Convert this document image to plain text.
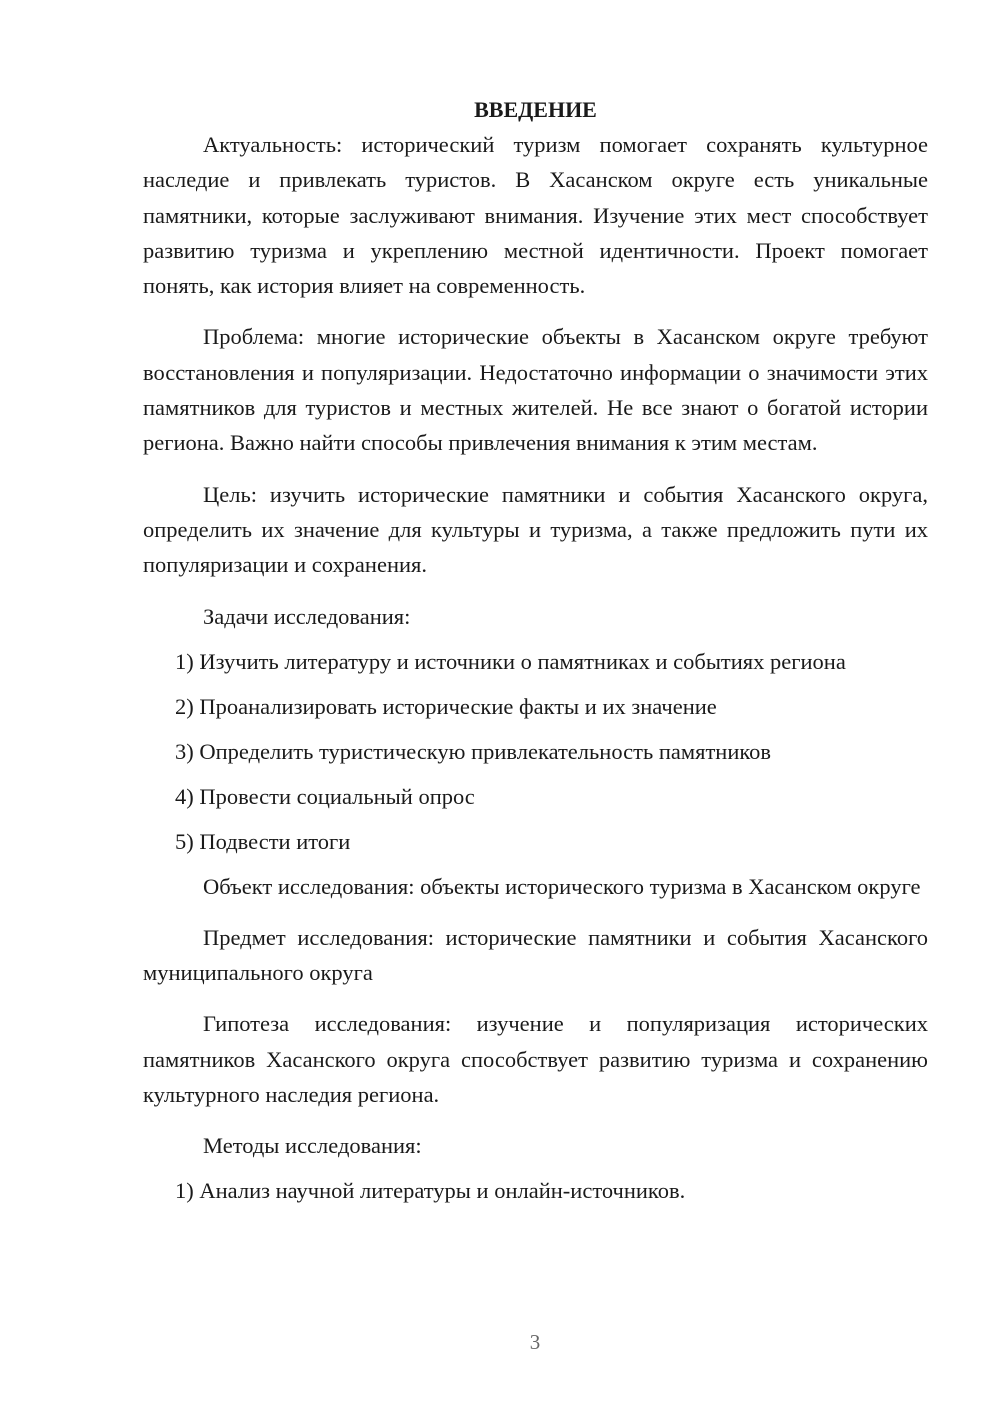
ВВЕДЕНИЕ

Актуальность: исторический туризм помогает сохранять культурное наследие и привлекать туристов. В Хасанском округе есть уникальные памятники, которые заслуживают внимания. Изучение этих мест способствует развитию туризма и укреплению местной идентичности. Проект помогает понять, как история влияет на современность.

Проблема: многие исторические объекты в Хасанском округе требуют восстановления и популяризации. Недостаточно информации о значимости этих памятников для туристов и местных жителей. Не все знают о богатой истории региона. Важно найти способы привлечения внимания к этим местам.

Цель: изучить исторические памятники и события Хасанского округа, определить их значение для культуры и туризма, а также предложить пути их популяризации и сохранения.

Задачи исследования:

1) Изучить литературу и источники о памятниках и событиях региона

2) Проанализировать исторические факты и их значение

3) Определить туристическую привлекательность памятников

4) Провести социальный опрос

5) Подвести итоги

Объект исследования: объекты исторического туризма в Хасанском округе

Предмет исследования: исторические памятники и события Хасанского муниципального округа

Гипотеза исследования: изучение и популяризация исторических памятников Хасанского округа способствует развитию туризма и сохранению культурного наследия региона.

Методы исследования:

1) Анализ научной литературы и онлайн-источников.

3
